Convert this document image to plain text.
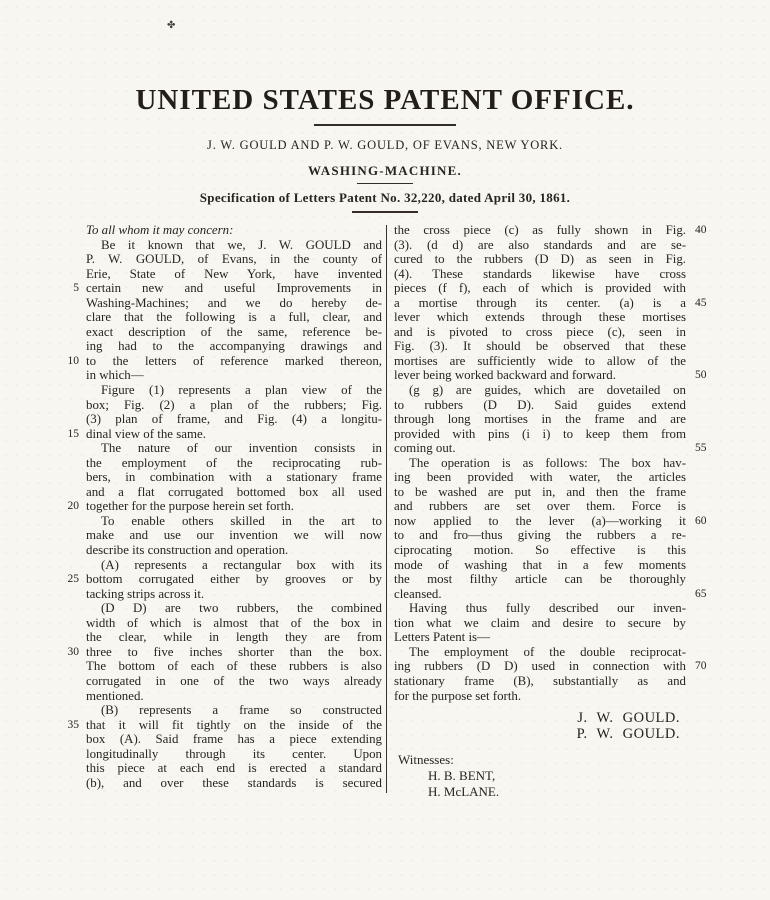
✤
UNITED STATES PATENT OFFICE.
J. W. GOULD AND P. W. GOULD, OF EVANS, NEW YORK.
WASHING-MACHINE.
Specification of Letters Patent No. 32,220, dated April 30, 1861.
To all whom it may concern:
Be it known that we, J. W. GOULD and
P. W. GOULD, of Evans, in the county of
Erie, State of New York, have invented
5 certain new and useful Improvements in
Washing-Machines; and we do hereby de-
clare that the following is a full, clear, and
exact description of the same, reference be-
ing had to the accompanying drawings and
10 to the letters of reference marked thereon,
in which—
Figure (1) represents a plan view of the
box; Fig. (2) a plan of the rubbers; Fig.
(3) plan of frame, and Fig. (4) a longitu-
15 dinal view of the same.
The nature of our invention consists in
the employment of the reciprocating rub-
bers, in combination with a stationary frame
and a flat corrugated bottomed box all used
20 together for the purpose herein set forth.
To enable others skilled in the art to
make and use our invention we will now
describe its construction and operation.
(A) represents a rectangular box with its
25 bottom corrugated either by grooves or by
tacking strips across it.
(D D) are two rubbers, the combined
width of which is almost that of the box in
the clear, while in length they are from
30 three to five inches shorter than the box.
The bottom of each of these rubbers is also
corrugated in one of the two ways already
mentioned.
(B) represents a frame so constructed
35 that it will fit tightly on the inside of the
box (A). Said frame has a piece extending
longitudinally through its center. Upon
this piece at each end is erected a standard
(b), and over these standards is secured
the cross piece (c) as fully shown in Fig. 40
(3). (d d) are also standards and are se-
cured to the rubbers (D D) as seen in Fig.
(4). These standards likewise have cross
pieces (f f), each of which is provided with
a mortise through its center. (a) is a 45
lever which extends through these mortises
and is pivoted to cross piece (c), seen in
Fig. (3). It should be observed that these
mortises are sufficiently wide to allow of the
lever being worked backward and forward.	50
(g g) are guides, which are dovetailed on
to rubbers (D D). Said guides extend
through long mortises in the frame and are
provided with pins (i i) to keep them from
coming out.	55
The operation is as follows: The box hav-
ing been provided with water, the articles
to be washed are put in, and then the frame
and rubbers are set over them. Force is
now applied to the lever (a)—working it 60
to and fro—thus giving the rubbers a re-
ciprocating motion. So effective is this
mode of washing that in a few moments
the most filthy article can be thoroughly
cleansed.	65
Having thus fully described our inven-
tion what we claim and desire to secure by
Letters Patent is—
The employment of the double reciprocat-
ing rubbers (D D) used in connection with 70
stationary frame (B), substantially as and
for the purpose set forth.
J. W. GOULD.
P. W. GOULD.
Witnesses:
H. B. BENT,
H. McLANE.
